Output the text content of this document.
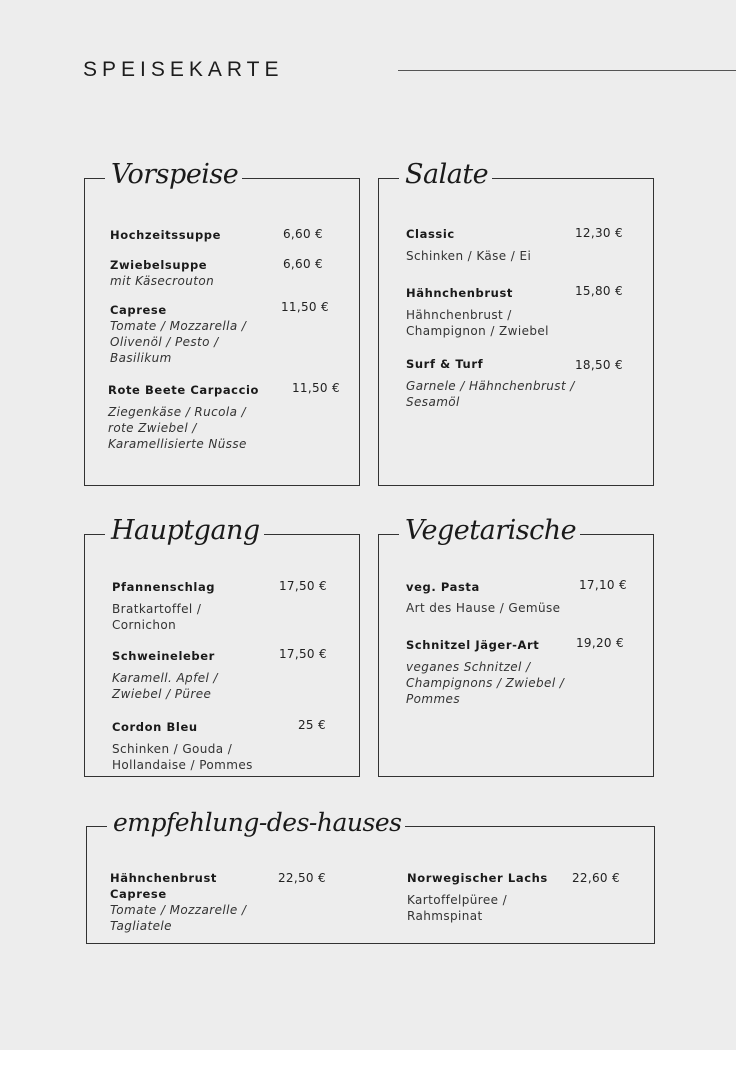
SPEISEKARTE
Vorspeise
Hochzeitssuppe	6,60 €
Zwiebelsuppe
mit Käsecrouton
6,60 €
Caprese
Tomate / Mozzarella / Olivenöl / Pesto / Basilikum
11,50 €
Rote Beete Carpaccio
Ziegenkäse / Rucola / rote Zwiebel / Karamellisierte Nüsse
11,50 €
Salate
Classic
Schinken / Käse / Ei
12,30 €
Hähnchenbrust
Hähnchenbrust / Champignon / Zwiebel
15,80 €
Surf & Turf
Garnele / Hähnchenbrust / Sesamöl
18,50 €
Hauptgang
Pfannenschlag
Bratkartoffel / Cornichon
17,50 €
Schweineleber
Karamell. Apfel / Zwiebel / Püree
17,50 €
Cordon Bleu
Schinken / Gouda / Hollandaise / Pommes
25 €
Vegetarische
veg. Pasta
Art des Hause / Gemüse
17,10 €
Schnitzel Jäger-Art
veganes Schnitzel / Champignons / Zwiebel / Pommes
19,20 €
empfehlung-des-hauses
Hähnchenbrust Caprese
Tomate / Mozzarelle / Tagliatele
22,50 €	Norwegischer Lachs
Kartoffelpüree / Rahmspinat
22,60 €
